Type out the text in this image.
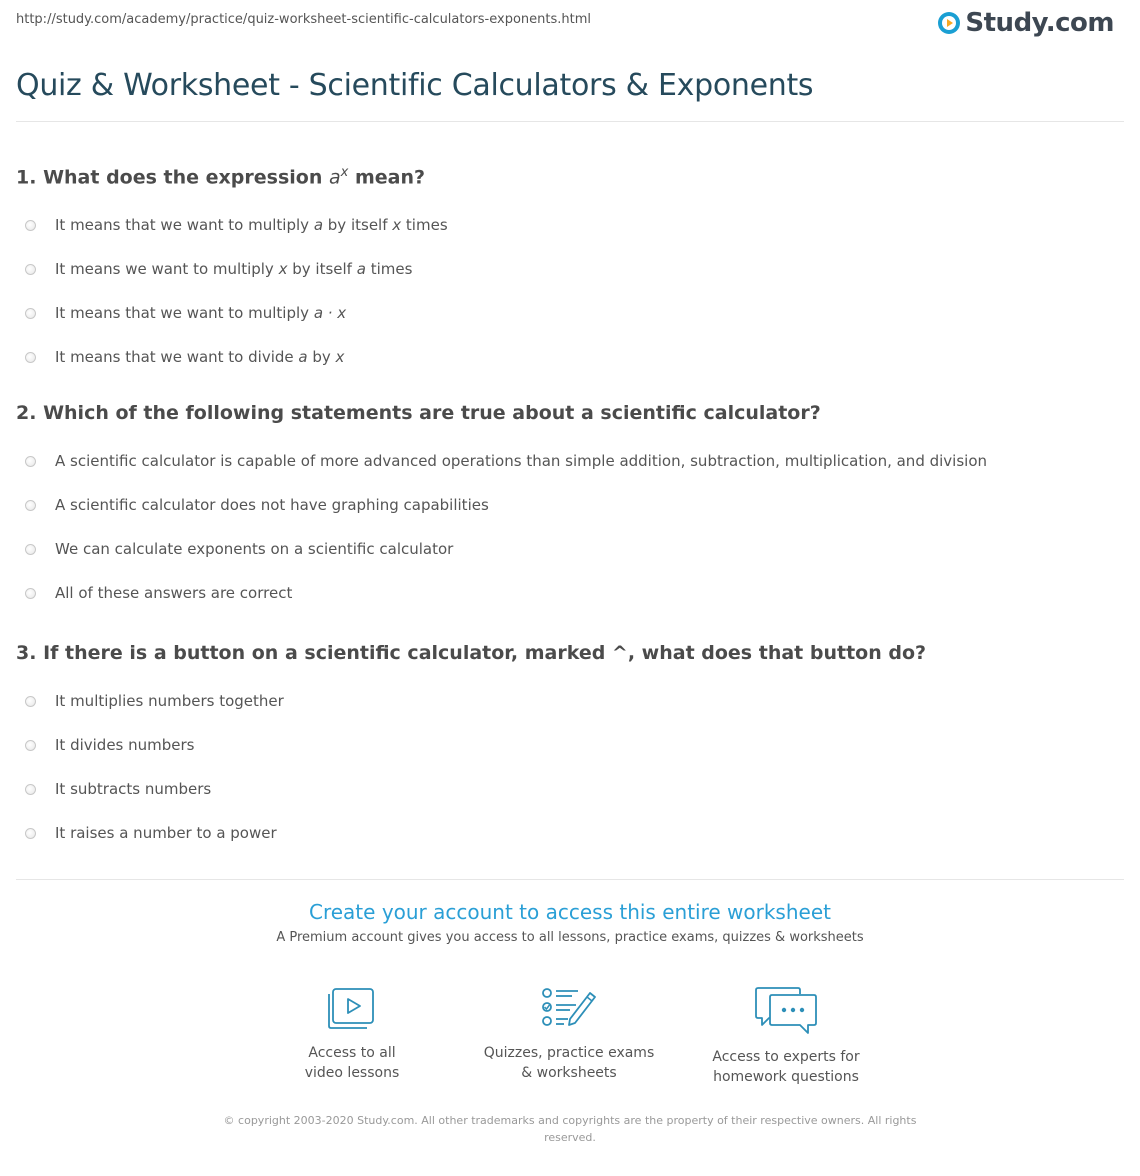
http://study.com/academy/practice/quiz-worksheet-scientific-calculators-exponents.html	Study.com
Quiz & Worksheet - Scientific Calculators & Exponents

1. What does the expression $a^x$ mean?

It means that we want to multiply a by itself x times
It means we want to multiply x by itself a times
It means that we want to multiply a · x
It means that we want to divide a by x

2. Which of the following statements are true about a scientific calculator?

A scientific calculator is capable of more advanced operations than simple addition, subtraction, multiplication, and division
A scientific calculator does not have graphing capabilities
We can calculate exponents on a scientific calculator
All of these answers are correct

3. If there is a button on a scientific calculator, marked ^, what does that button do?

It multiplies numbers together
It divides numbers
It subtracts numbers
It raises a number to a power

Create your account to access this entire worksheet

A Premium account gives you access to all lessons, practice exams, quizzes & worksheets
Access to all
video lessons
Quizzes, practice exams
& worksheets
Access to experts for
homework questions
© copyright 2003-2020 Study.com. All other trademarks and copyrights are the property of their respective owners. All rights
reserved.
